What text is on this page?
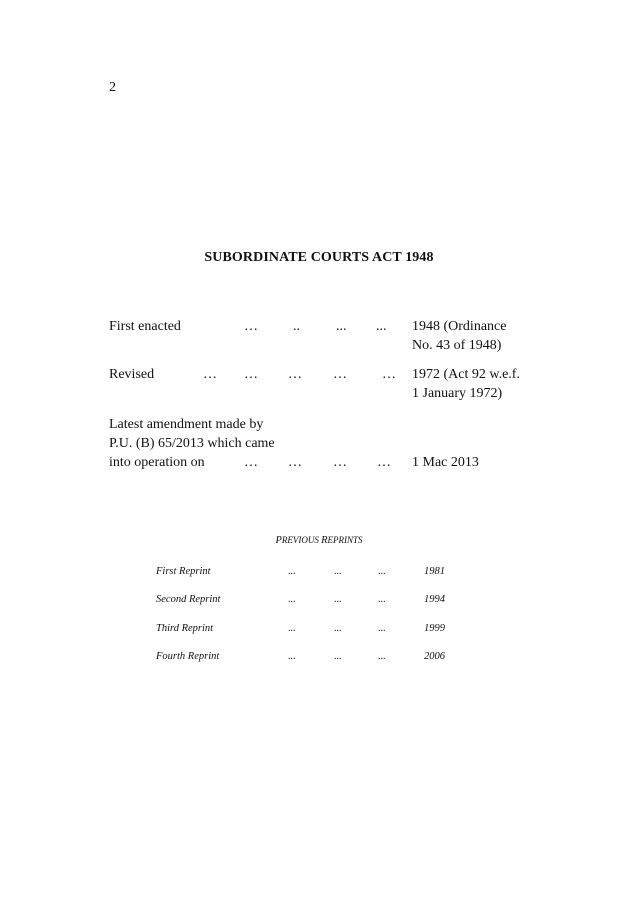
2
SUBORDINATE COURTS ACT 1948
First enacted	…	..	... ... 1948 (Ordinance
No. 43 of 1948)
Revised	… … … …	… 1972 (Act 92 w.e.f.
1 January 1972)
Latest amendment made by
P.U. (B) 65/2013 which came
into operation on	… … … … 1 Mac 2013
PREVIOUS REPRINTS
First Reprint	...	...	...	1981
Second Reprint	...	...	...	1994
Third Reprint	...	...	...	1999
Fourth Reprint	...	...	...	2006
